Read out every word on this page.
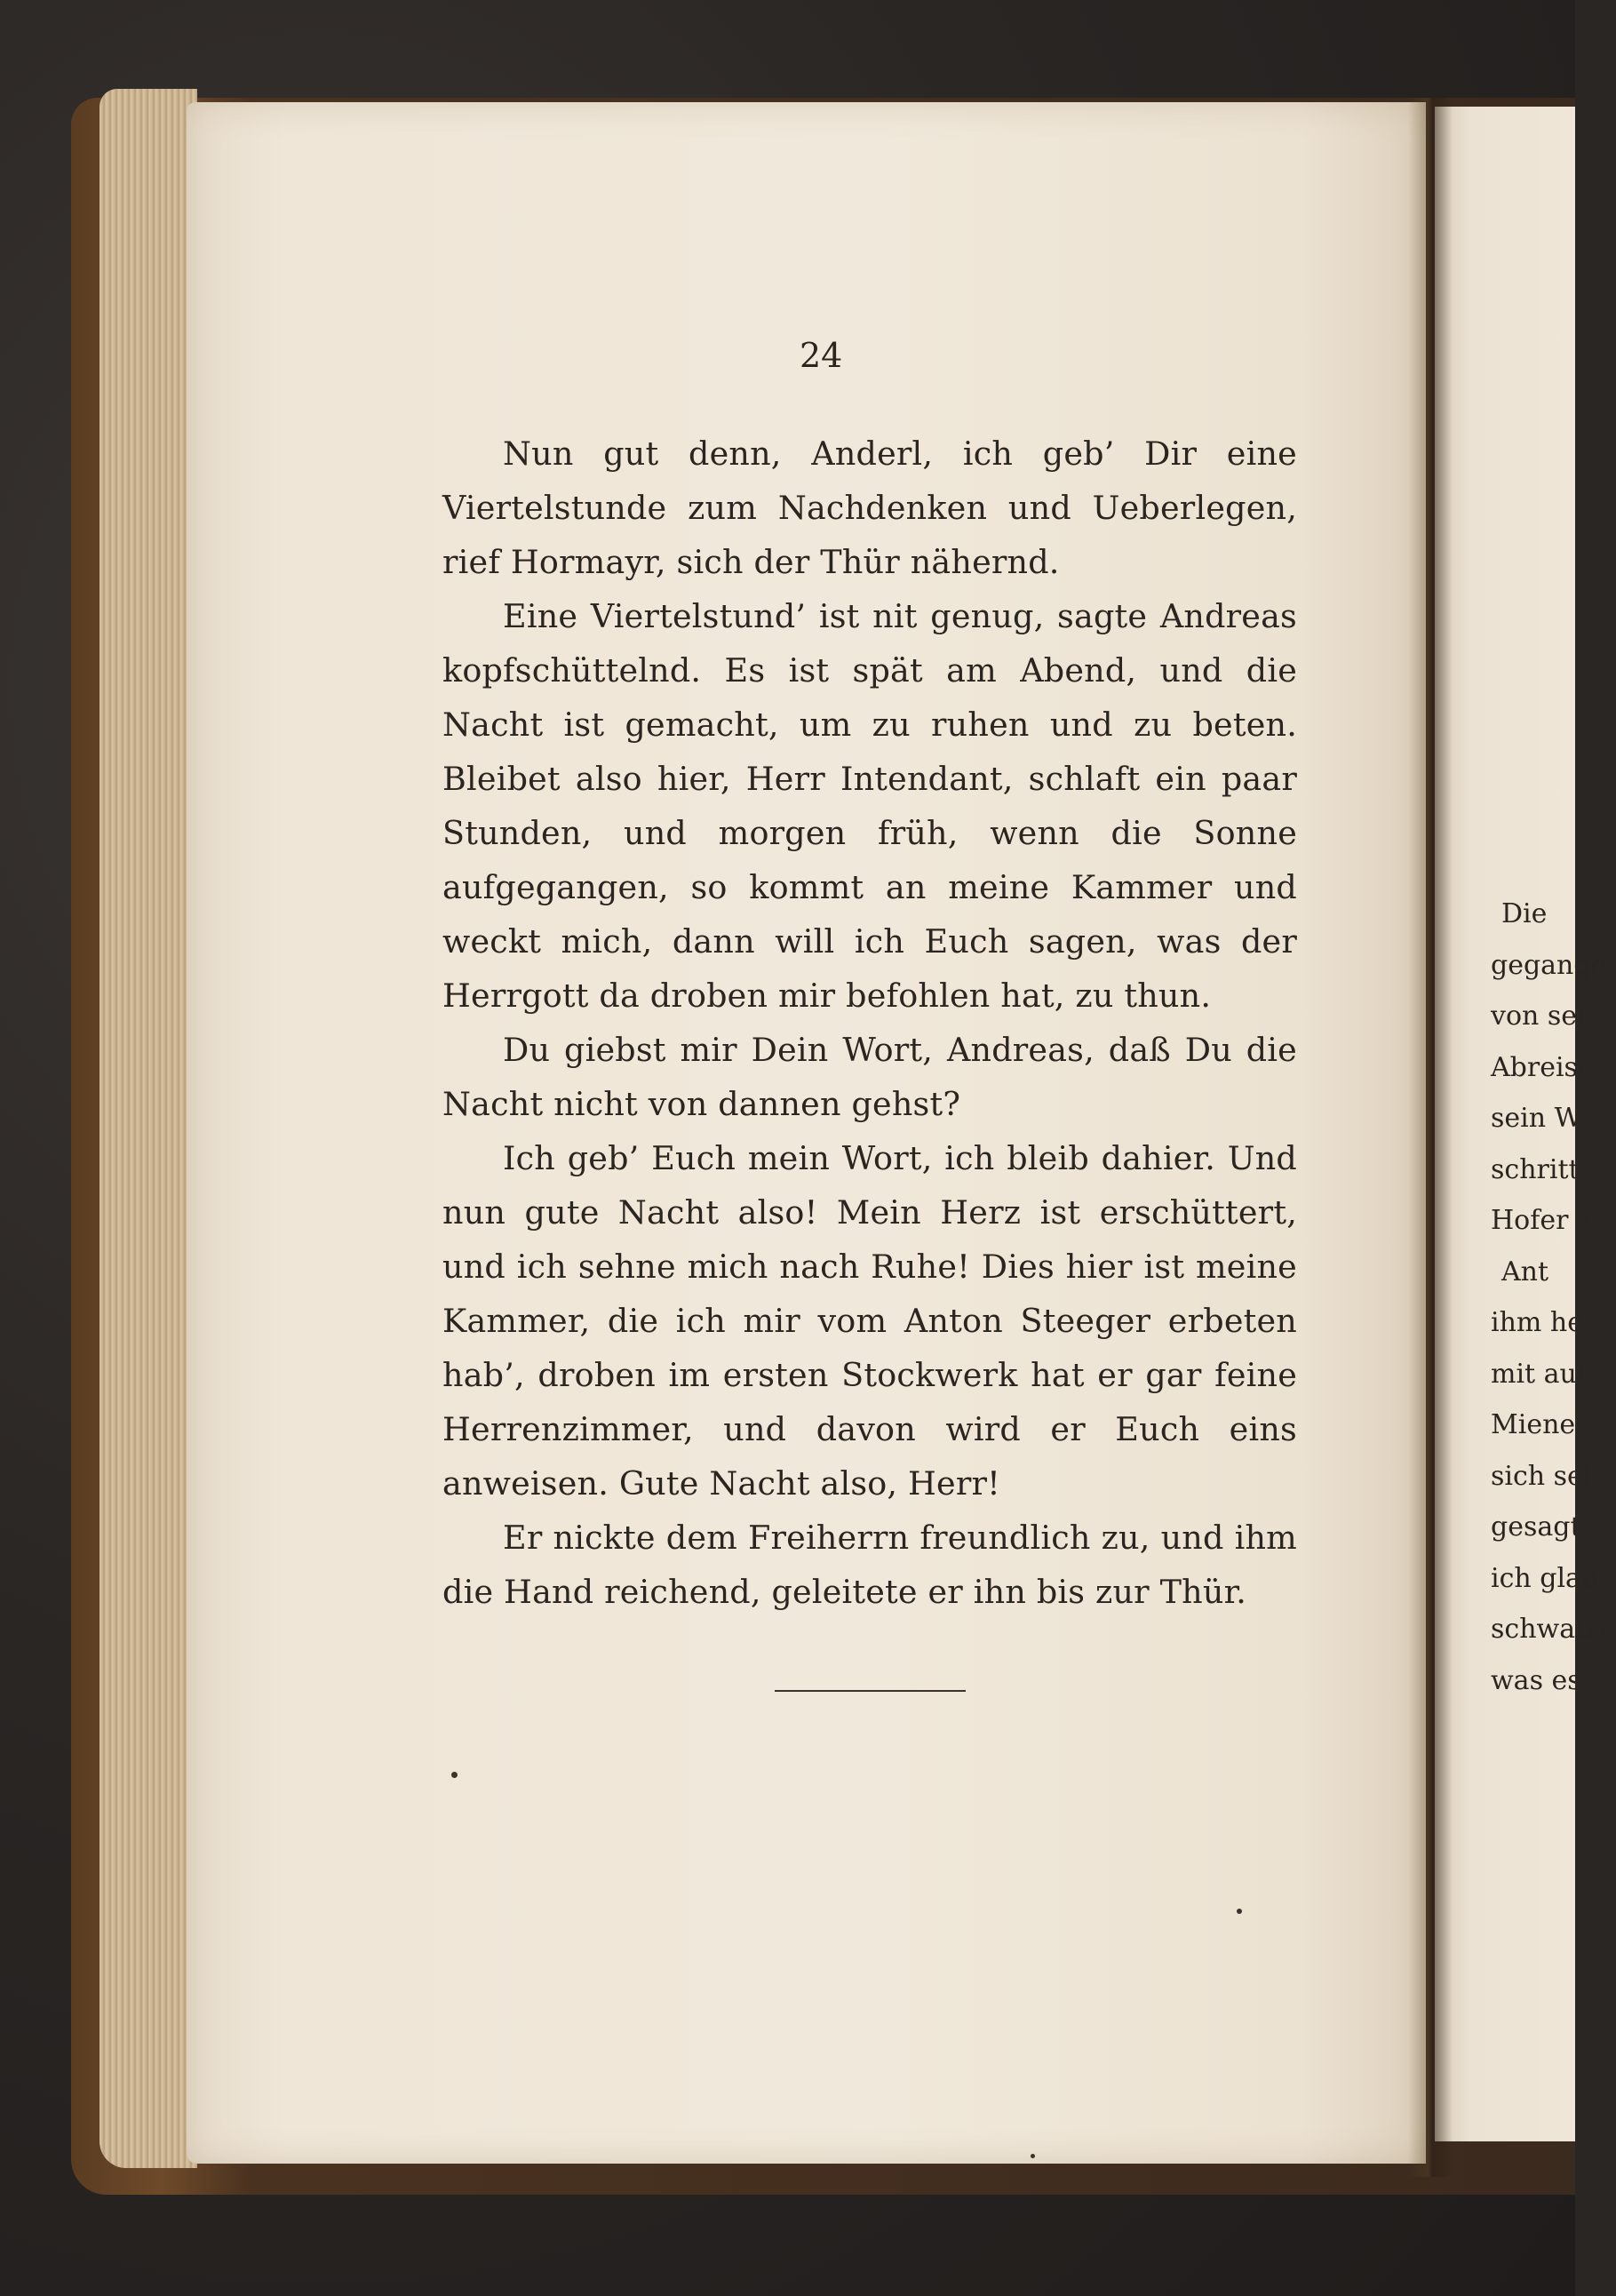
24

Nun gut denn, Anderl, ich geb’ Dir eine Viertelstunde zum Nachdenken und Ueberlegen, rief Hormayr, sich der Thür nähernd.

Eine Viertelstund’ ist nit genug, sagte Andreas kopfschüttelnd. Es ist spät am Abend, und die Nacht ist gemacht, um zu ruhen und zu beten. Bleibet also hier, Herr Intendant, schlaft ein paar Stunden, und morgen früh, wenn die Sonne aufgegangen, so kommt an meine Kammer und weckt mich, dann will ich Euch sagen, was der Herrgott da droben mir befohlen hat, zu thun.

Du giebst mir Dein Wort, Andreas, daß Du die Nacht nicht von dannen gehst?

Ich geb’ Euch mein Wort, ich bleib dahier. Und nun gute Nacht also! Mein Herz ist erschüttert, und ich sehne mich nach Ruhe! Dies hier ist meine Kammer, die ich mir vom Anton Steeger erbeten hab’, droben im ersten Stockwerk hat er gar feine Herrenzimmer, und davon wird er Euch eins anweisen. Gute Nacht also, Herr!

Er nickte dem Freiherrn freundlich zu, und ihm die Hand reichend, geleitete er ihn bis zur Thür.

Die
gegange
von sei
Abreise
sein W
schritt
Hofer z
Ant
ihm he
mit auf
Miene
sich sel
gesagt,
ich glau
schwatze
was es
